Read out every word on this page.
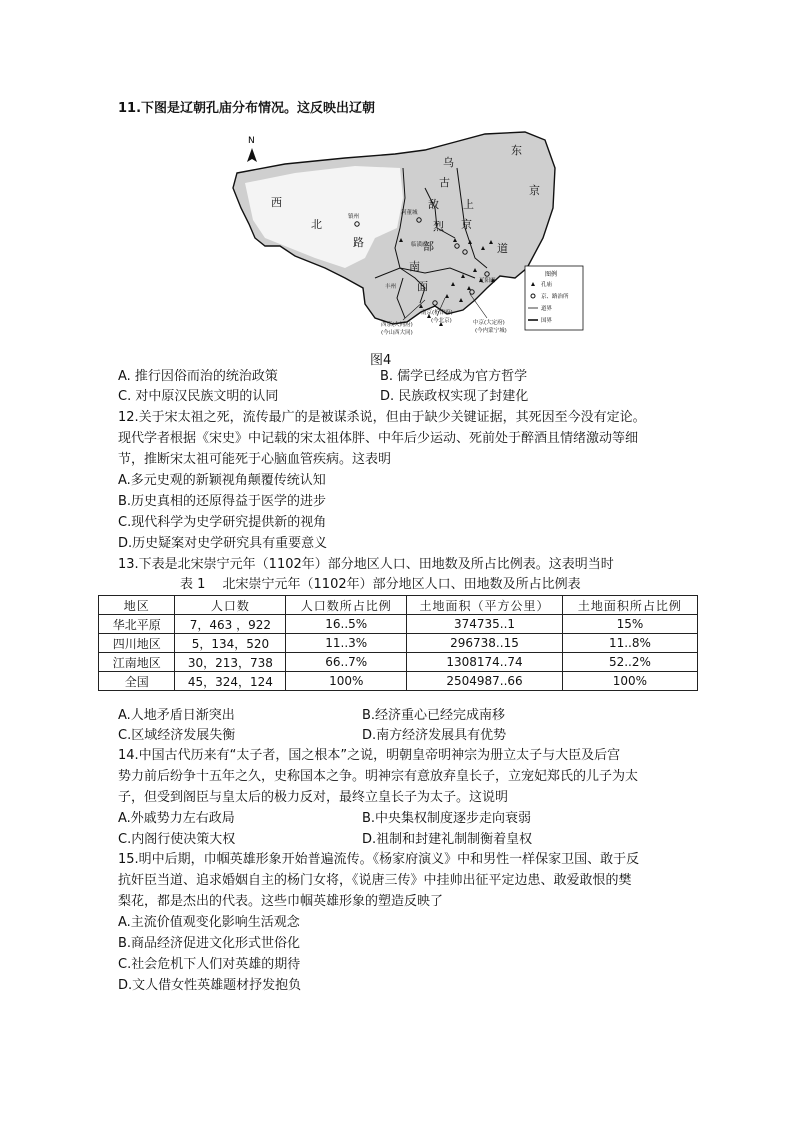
11.下图是辽朝孔庙分布情况。这反映出辽朝
N
西 北 路 东 京 乌 古 敌 烈 部 上 京 道 南 面
镇州 河董城 临潢府 丰州 西京(大同府) (今山西大同) 南京(析津府) (今北京)	中京(大定府) (今内蒙宁城) 辽阳府
图例
孔庙
京、路治所
道界
国界
图4
A. 推行因俗而治的统治政策	B. 儒学已经成为官方哲学
C. 对中原汉民族文明的认同	D. 民族政权实现了封建化
12.关于宋太祖之死，流传最广的是被谋杀说，但由于缺少关键证据，其死因至今没有定论。
现代学者根据《宋史》中记载的宋太祖体胖、中年后少运动、死前处于醉酒且情绪激动等细
节，推断宋太祖可能死于心脑血管疾病。这表明
A.多元史观的新颖视角颠覆传统认知
B.历史真相的还原得益于医学的进步
C.现代科学为史学研究提供新的视角
D.历史疑案对史学研究具有重要意义
13.下表是北宋崇宁元年（1102年）部分地区人口、田地数及所占比例表。这表明当时
表 1　 北宋崇宁元年（1102年）部分地区人口、田地数及所占比例表
地区	人口数	人口数所占比例	土地面积（平方公里）	土地面积所占比例
华北平原	7，463 ，922	16..5%	374735..1	15%
四川地区	5，134，520	11..3%	296738..15	11..8%
江南地区	30，213，738	66..7%	1308174..74	52..2%
全国	45，324，124	100%	2504987..66	100%
A.人地矛盾日渐突出	B.经济重心已经完成南移
C.区域经济发展失衡	D.南方经济发展具有优势
14.中国古代历来有“太子者，国之根本”之说，明朝皇帝明神宗为册立太子与大臣及后宫
势力前后纷争十五年之久，史称国本之争。明神宗有意放弃皇长子，立宠妃郑氏的儿子为太
子，但受到阁臣与皇太后的极力反对，最终立皇长子为太子。这说明
A.外戚势力左右政局	B.中央集权制度逐步走向衰弱
C.内阁行使决策大权	D.祖制和封建礼制制衡着皇权
15.明中后期，巾帼英雄形象开始普遍流传。《杨家府演义》中和男性一样保家卫国、敢于反
抗奸臣当道、追求婚姻自主的杨门女将，《说唐三传》中挂帅出征平定边患、敢爱敢恨的樊
梨花，都是杰出的代表。这些巾帼英雄形象的塑造反映了
A.主流价值观变化影响生活观念
B.商品经济促进文化形式世俗化
C.社会危机下人们对英雄的期待
D.文人借女性英雄题材抒发抱负
